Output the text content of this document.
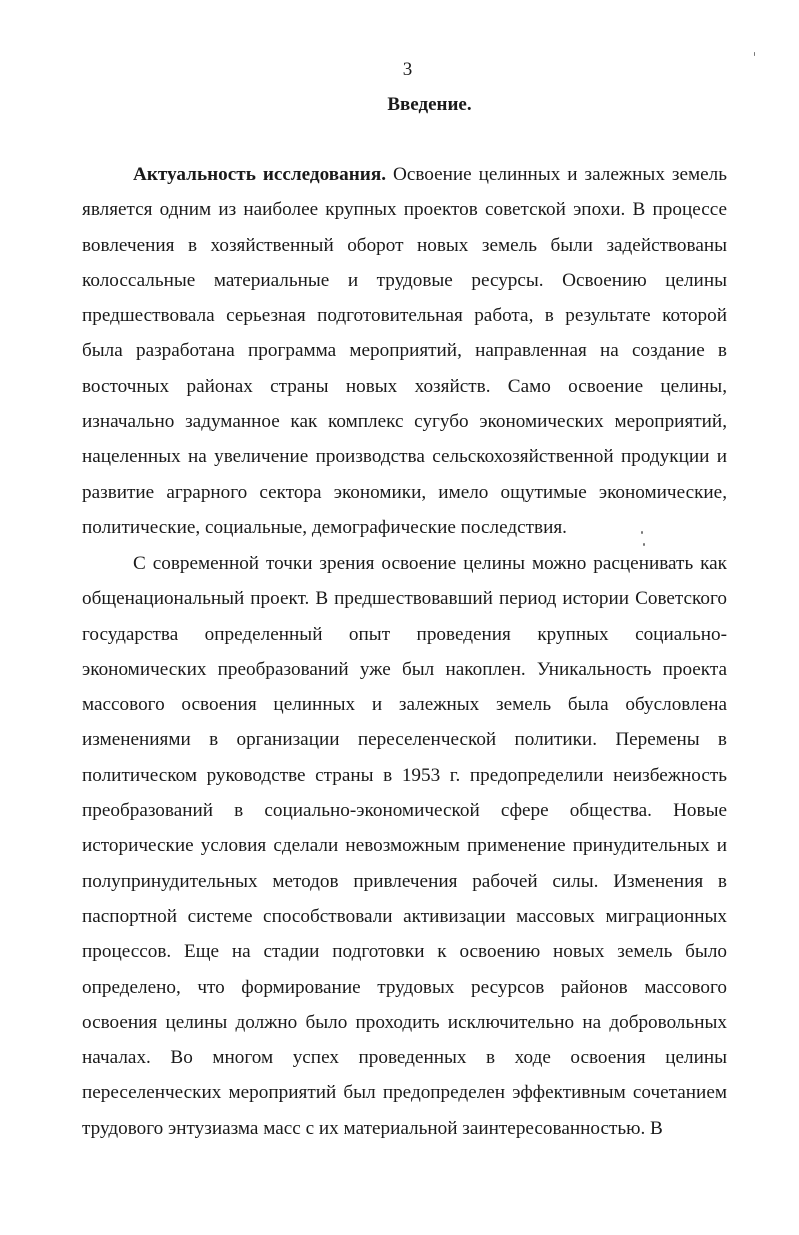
3
Введение.

Актуальность исследования. Освоение целинных и залежных земель является одним из наиболее крупных проектов советской эпохи. В процессе вовлечения в хозяйственный оборот новых земель были задействованы колоссальные материальные и трудовые ресурсы. Освоению целины предшествовала серьезная подготовительная работа, в результате которой была разработана программа мероприятий, направленная на создание в восточных районах страны новых хозяйств. Само освоение целины, изначально задуманное как комплекс сугубо экономических мероприятий, нацеленных на увеличение производства сельскохозяйственной продукции и развитие аграрного сектора экономики, имело ощутимые экономические, политические, социальные, демографические последствия.

С современной точки зрения освоение целины можно расценивать как общенациональный проект. В предшествовавший период истории Советского государства определенный опыт проведения крупных социально-экономических преобразований уже был накоплен. Уникальность проекта массового освоения целинных и залежных земель была обусловлена изменениями в организации переселенческой политики. Перемены в политическом руководстве страны в 1953 г. предопределили неизбежность преобразований в социально-экономической сфере общества. Новые исторические условия сделали невозможным применение принудительных и полупринудительных методов привлечения рабочей силы. Изменения в паспортной системе способствовали активизации массовых миграционных процессов. Еще на стадии подготовки к освоению новых земель было определено, что формирование трудовых ресурсов районов массового освоения целины должно было проходить исключительно на добровольных началах. Во многом успех проведенных в ходе освоения целины переселенческих мероприятий был предопределен эффективным сочетанием трудового энтузиазма масс с их материальной заинтересованностью. В
